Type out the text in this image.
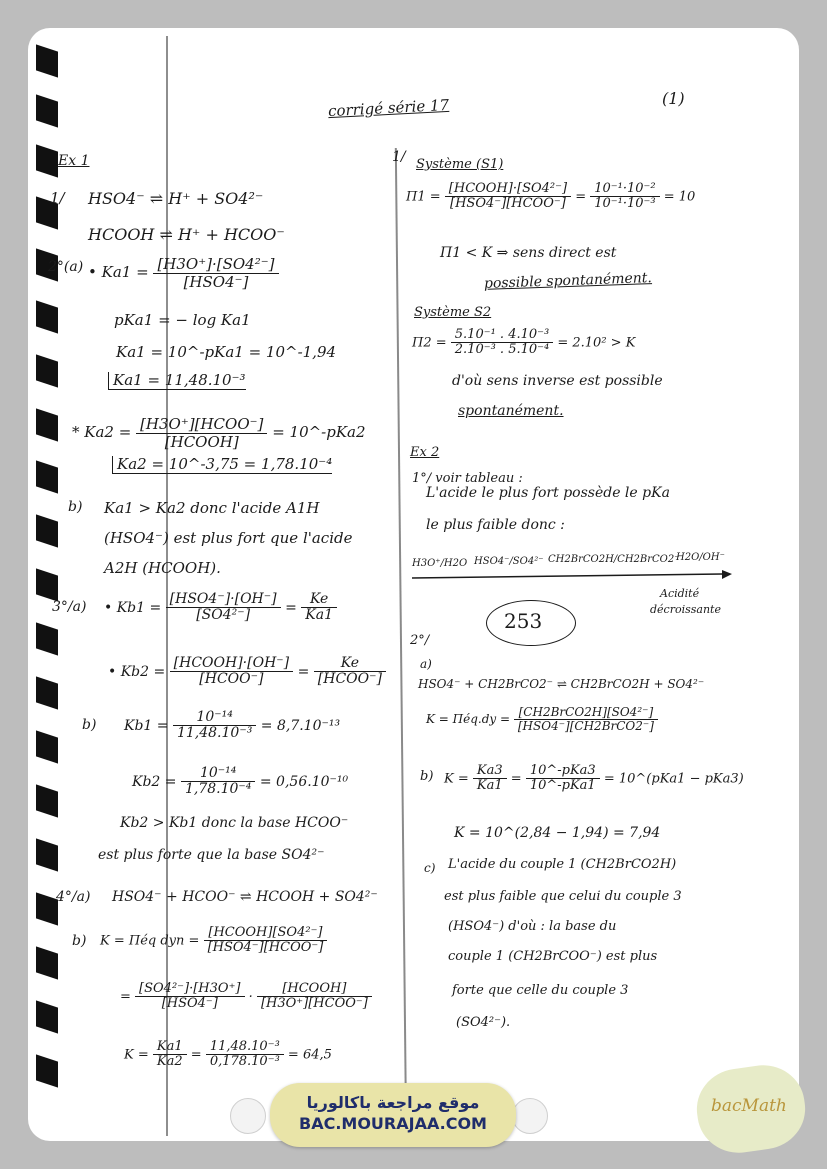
corrigé série 17	(1)
Ex 1
1/ HSO4⁻ ⇌ H⁺ + SO4²⁻
HCOOH ⇌ H⁺ + HCOO⁻
2°(a) • $Ka1 = \frac{\text{[H3O⁺]·[SO4²⁻]}}{\text{[HSO4⁻]}}$
pKa1 = − log Ka1
Ka1 = 10^-pKa1 = 10^-1,94
Ka1 = 11,48.10⁻³
* $Ka2 = \frac{\text{[H3O⁺][HCOO⁻]}}{\text{[HCOOH]}}$ = 10^-pKa2
Ka2 = 10^-3,75 = 1,78.10⁻⁴
b) Ka1 > Ka2 donc l'acide A1H
(HSO4⁻) est plus fort que l'acide
A2H (HCOOH).
3°/a) • $Kb1 = \frac{\text{[HSO4⁻]·[OH⁻]}}{\text{[SO4²⁻]}} = \frac{Ke}{Ka1}$
• $Kb2 = \frac{\text{[HCOOH]·[OH⁻]}}{\text{[HCOO⁻]}} = \frac{Ke}{\text{[HCOO⁻]}}$
b) $Kb1 = \frac{\text{10⁻¹⁴}}{\text{11,48.10⁻³}} = 8,7.10^{-13}$
$Kb2 = \frac{\text{10⁻¹⁴}}{\text{1,78.10⁻⁴}} = 0,56.10^{-10}$
Kb2 > Kb1 donc la base HCOO⁻
est plus forte que la base SO4²⁻
4°/a) HSO4⁻ + HCOO⁻ ⇌ HCOOH + SO4²⁻
b) K = Πéq dyn = $\frac{\text{[HCOOH][SO4²⁻]}}{\text{[HSO4⁻][HCOO⁻]}}$
= $\frac{\text{[SO4²⁻]·[H3O⁺]}}{\text{[HSO4⁻]}} \cdot \frac{\text{[HCOOH]}}{\text{[H3O⁺][HCOO⁻]}}$
$K = \frac{Ka1}{Ka2} = \frac{\text{11,48.10⁻³}}{\text{0,178.10⁻³}} = 64,5$
1/ Système (S1)
$\Pi 1 = \frac{\text{[HCOOH]·[SO4²⁻]}}{\text{[HSO4⁻][HCOO⁻]}} = \frac{\text{10⁻¹·10⁻²}}{\text{10⁻¹·10⁻³}} = 10$
Π1 < K ⇒ sens direct est
possible spontanément.
Système S2
$\Pi 2 = \frac{\text{5.10⁻¹ . 4.10⁻³}}{\text{2.10⁻³ . 5.10⁻⁴}} = 2.10^2 > K$
d'où sens inverse est possible
spontanément.
Ex 2
1°/ voir tableau :
L'acide le plus fort possède le pKa
le plus faible donc :
H3O⁺/H2O HSO4⁻/SO4²⁻ CH2BrCO2H/CH2BrCO2⁻
H2O/OH⁻
Acidité
décroissante
253
2°/
a)
HSO4⁻ + CH2BrCO2⁻ ⇌ CH2BrCO2H + SO4²⁻
K = Πéq.dy = $\frac{\text{[CH2BrCO2H][SO4²⁻]}}{\text{[HSO4⁻][CH2BrCO2⁻]}}$
b) $K = \frac{Ka3}{Ka1} = \frac{\text{10\textasciicircum{}-pKa3}}{\text{10\textasciicircum{}-pKa1}}$ = 10^(pKa1 − pKa3)
K = 10^(2,84 − 1,94) = 7,94
c) L'acide du couple 1 (CH2BrCO2H)
est plus faible que celui du couple 3
(HSO4⁻) d'où : la base du
couple 1 (CH2BrCOO⁻) est plus
forte que celle du couple 3
(SO4²⁻).
موقع مراجعة باكالوريا
BAC.MOURAJAA.COM
bacMath
